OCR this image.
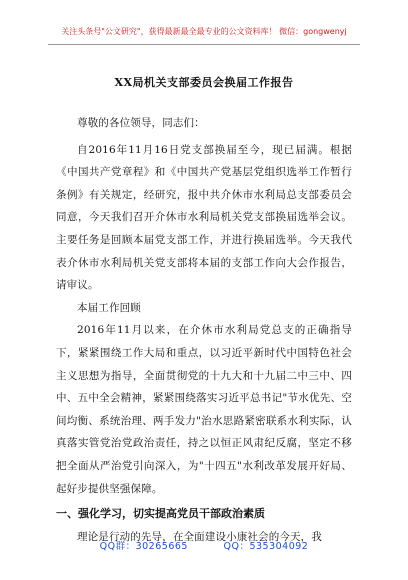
关注头条号"公文研究"，获得最新最全最专业的公文资料库！ 微信：gongwenyj
XX局机关支部委员会换届工作报告

尊敬的各位领导，同志们：

自2016年11月16日党支部换届至今，现已届满。根据《中国共产党章程》和《中国共产党基层党组织选举工作暂行条例》有关规定，经研究，报中共介休市水利局总支部委员会同意，今天我们召开介休市水利局机关党支部换届选举会议。主要任务是回顾本届党支部工作，并进行换届选举。今天我代表介休市水利局机关党支部将本届的支部工作向大会作报告，请审议。

本届工作回顾

2016年11月以来，在介休市水利局党总支的正确指导下，紧紧围绕工作大局和重点，以习近平新时代中国特色社会主义思想为指导，全面贯彻党的十九大和十九届二中三中、四中、五中全会精神，紧紧围绕落实习近平总书记"节水优先、空间均衡、系统治理、两手发力"治水思路紧密联系水利实际，认真落实管党治党政治责任，持之以恒正风肃纪反腐，坚定不移把全面从严治党引向深入，为"十四五"水利改革发展开好局、起好步提供坚强保障。

一、强化学习，切实提高党员干部政治素质

理论是行动的先导，在全面建设小康社会的今天，我

QQ群：30265665	QQ：535304092
